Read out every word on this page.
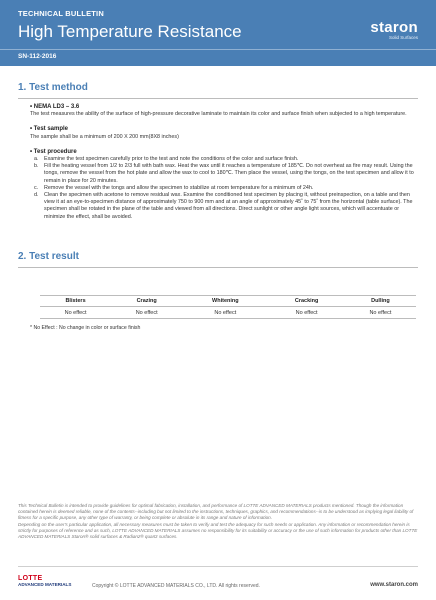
TECHNICAL BULLETIN
High Temperature Resistance
SN-112-2016
staron
Solid Surfaces
1. Test method
• NEMA LD3 – 3.6
The test measures the ability of the surface of high-pressure decorative laminate to maintain its color and surface finish when subjected to a high temperature.
• Test sample
The sample shall be a minimum of 200 X 200 mm(8X8 inches)
• Test procedure
a.	Examine the test specimen carefully prior to the test and note the conditions of the color and surface finish.
b.	Fill the heating vessel from 1/2 to 2/3 full with bath wax. Heat the wax until it reaches a temperature of 185℃. Do not overheat as fire may result. Using the tongs, remove the vessel from the hot plate and allow the wax to cool to 180℃. Then place the vessel, using the tongs, on the test specimen and allow it to remain in place for 20 minutes.
c.	Remove the vessel with the tongs and allow the specimen to stabilize at room temperature for a minimum of 24h.
d.	Clean the specimen with acetone to remove residual wax. Examine the conditioned test specimen by placing it, without preinspection, on a table and then view it at an eye-to-specimen distance of approximately 750 to 900 mm and at an angle of approximately 45˚ to 75˚ from the horizontal (table surface). The specimen shall be rotated in the plane of the table and viewed from all directions. Direct sunlight or other angle light sources, which will accentuate or minimize the effect, shall be avoided.
2. Test result
Blisters	Crazing	Whitening	Cracking	Dulling
No effect	No effect	No effect	No effect	No effect
* No Effect : No change in color or surface finish
This Technical Bulletin is intended to provide guidelines for optimal fabrication, installation, and performance of LOTTE ADVANCED MATERIALS products mentioned. Though the information contained herein is deemed reliable, none of the contents--including but not limited to the instructions, techniques, graphics, and recommendations--is to be understood as implying legal liability of fitness for a specific purpose, any other type of warranty, or being complete or absolute in its range and nature of information.
Depending on the user's particular application, all necessary measures must be taken to verify and test the adequacy for such needs or application. Any information or recommendation herein is strictly for purposes of reference and as such, LOTTE ADVANCED MATERIALS assumes no responsibility for its suitability or accuracy or the use of such information for products other than LOTTE ADVANCED MATERIALS Staron® solid surfaces & Radianz® quartz surfaces.
LOTTE
ADVANCED MATERIALS	Copyright © LOTTE ADVANCED MATERIALS CO., LTD. All rights reserved.	www.staron.com
